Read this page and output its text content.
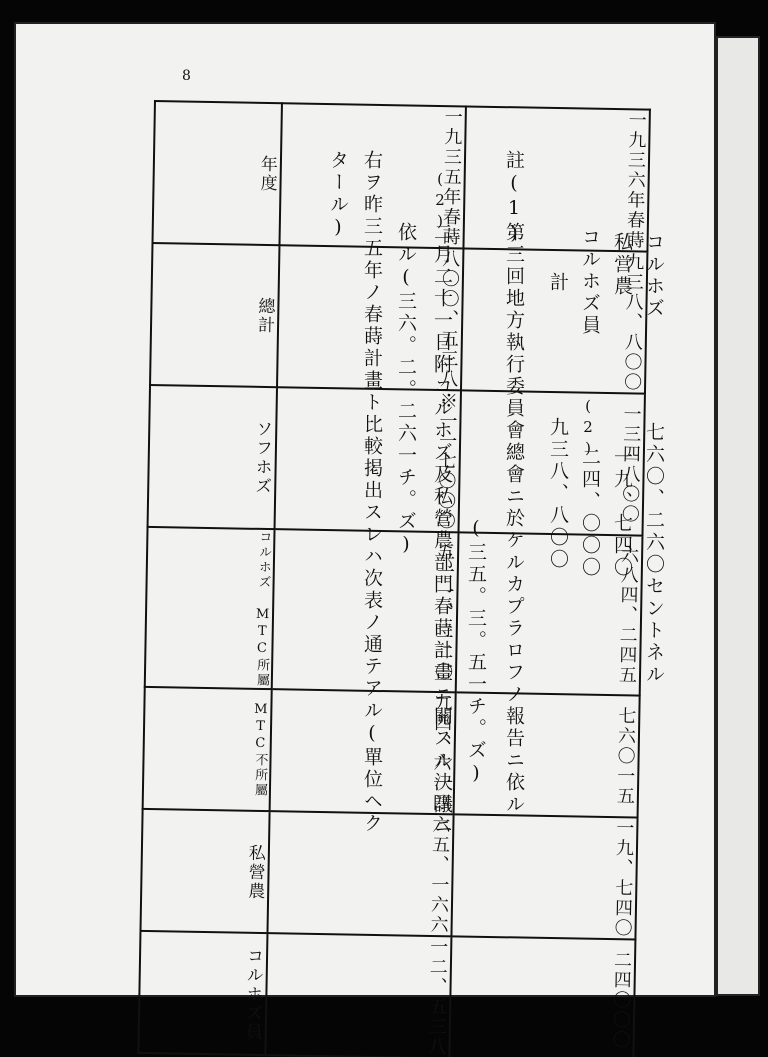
8
コルホズ
七六〇、二六〇セントネル
私営農
一九、七四〇
コルホズ員
(2)
二四、〇〇〇
計
九三八、八〇〇
註(1)
第三回地方執行委員會總會ニ於ケルカプラロフノ報告ニ依ル
(三五。三。五一チ。ズ)
(2)
二月二十一日附コルホズ及私營農部門春蒔計畫ニ關スル決議ニ
依ル(三六。二。二六一チ。ズ)
右ヲ昨三五年ノ春蒔計畫ト比較掲出スレハ次表ノ通テアル(單位ヘク
タール)
年度	一九三五年春蒔	一九三六年春蒔
總計	八〇〇、五三八	九三八、八〇〇
ソフホズ	※一一七〇〇〇	一三四八〇〇
コルホズ MTC所屬	五一一、二二〇	六八四、二四五
MTC不所屬	九四、六一四	七六〇一五
私營農	六五、一六六	一九、七四〇
コルホズ員	一二、五三八	二四〇〇〇
